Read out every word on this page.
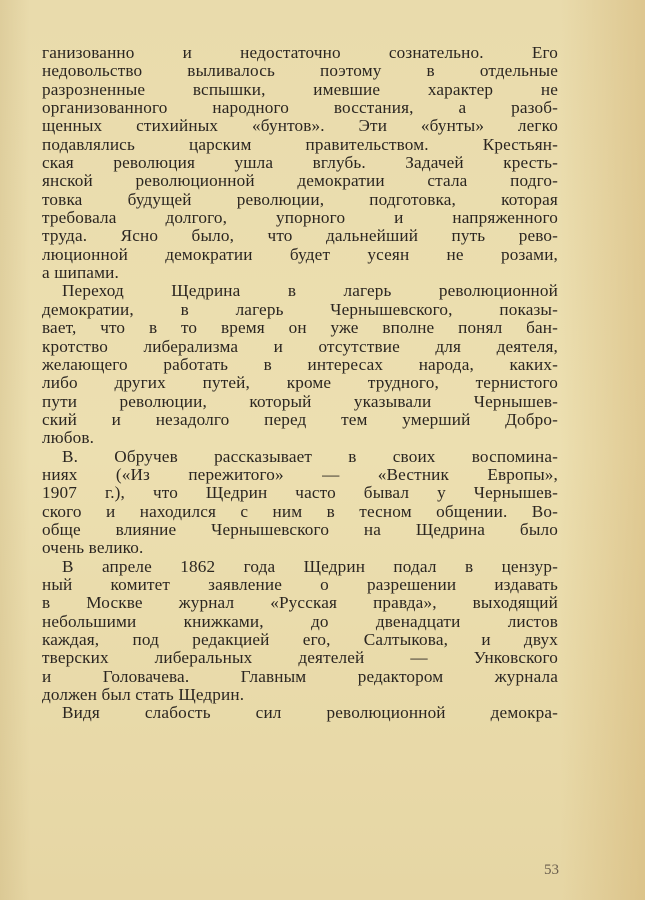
ганизованно и недостаточно сознательно. Его
недовольство выливалось поэтому в отдельные
разрозненные вспышки, имевшие характер не
организованного народного восстания, а разоб-
щенных стихийных «бунтов». Эти «бунты» легко
подавлялись царским правительством. Крестьян-
ская революция ушла вглубь. Задачей кресть-
янской революционной демократии стала подго-
товка будущей революции, подготовка, которая
требовала долгого, упорного и напряженного
труда. Ясно было, что дальнейший путь рево-
люционной демократии будет усеян не розами,
а шипами.
Переход Щедрина в лагерь революционной
демократии, в лагерь Чернышевского, показы-
вает, что в то время он уже вполне понял бан-
кротство либерализма и отсутствие для деятеля,
желающего работать в интересах народа, каких-
либо других путей, кроме трудного, тернистого
пути революции, который указывали Чернышев-
ский и незадолго перед тем умерший Добро-
любов.
В. Обручев рассказывает в своих воспомина-
ниях («Из пережитого» — «Вестник Европы»,
1907 г.), что Щедрин часто бывал у Чернышев-
ского и находился с ним в тесном общении. Во-
обще влияние Чернышевского на Щедрина было
очень велико.
В апреле 1862 года Щедрин подал в цензур-
ный комитет заявление о разрешении издавать
в Москве журнал «Русская правда», выходящий
небольшими книжками, до двенадцати листов
каждая, под редакцией его, Салтыкова, и двух
тверских либеральных деятелей — Унковского
и Головачева. Главным редактором журнала
должен был стать Щедрин.
Видя слабость сил революционной демокра-
53
